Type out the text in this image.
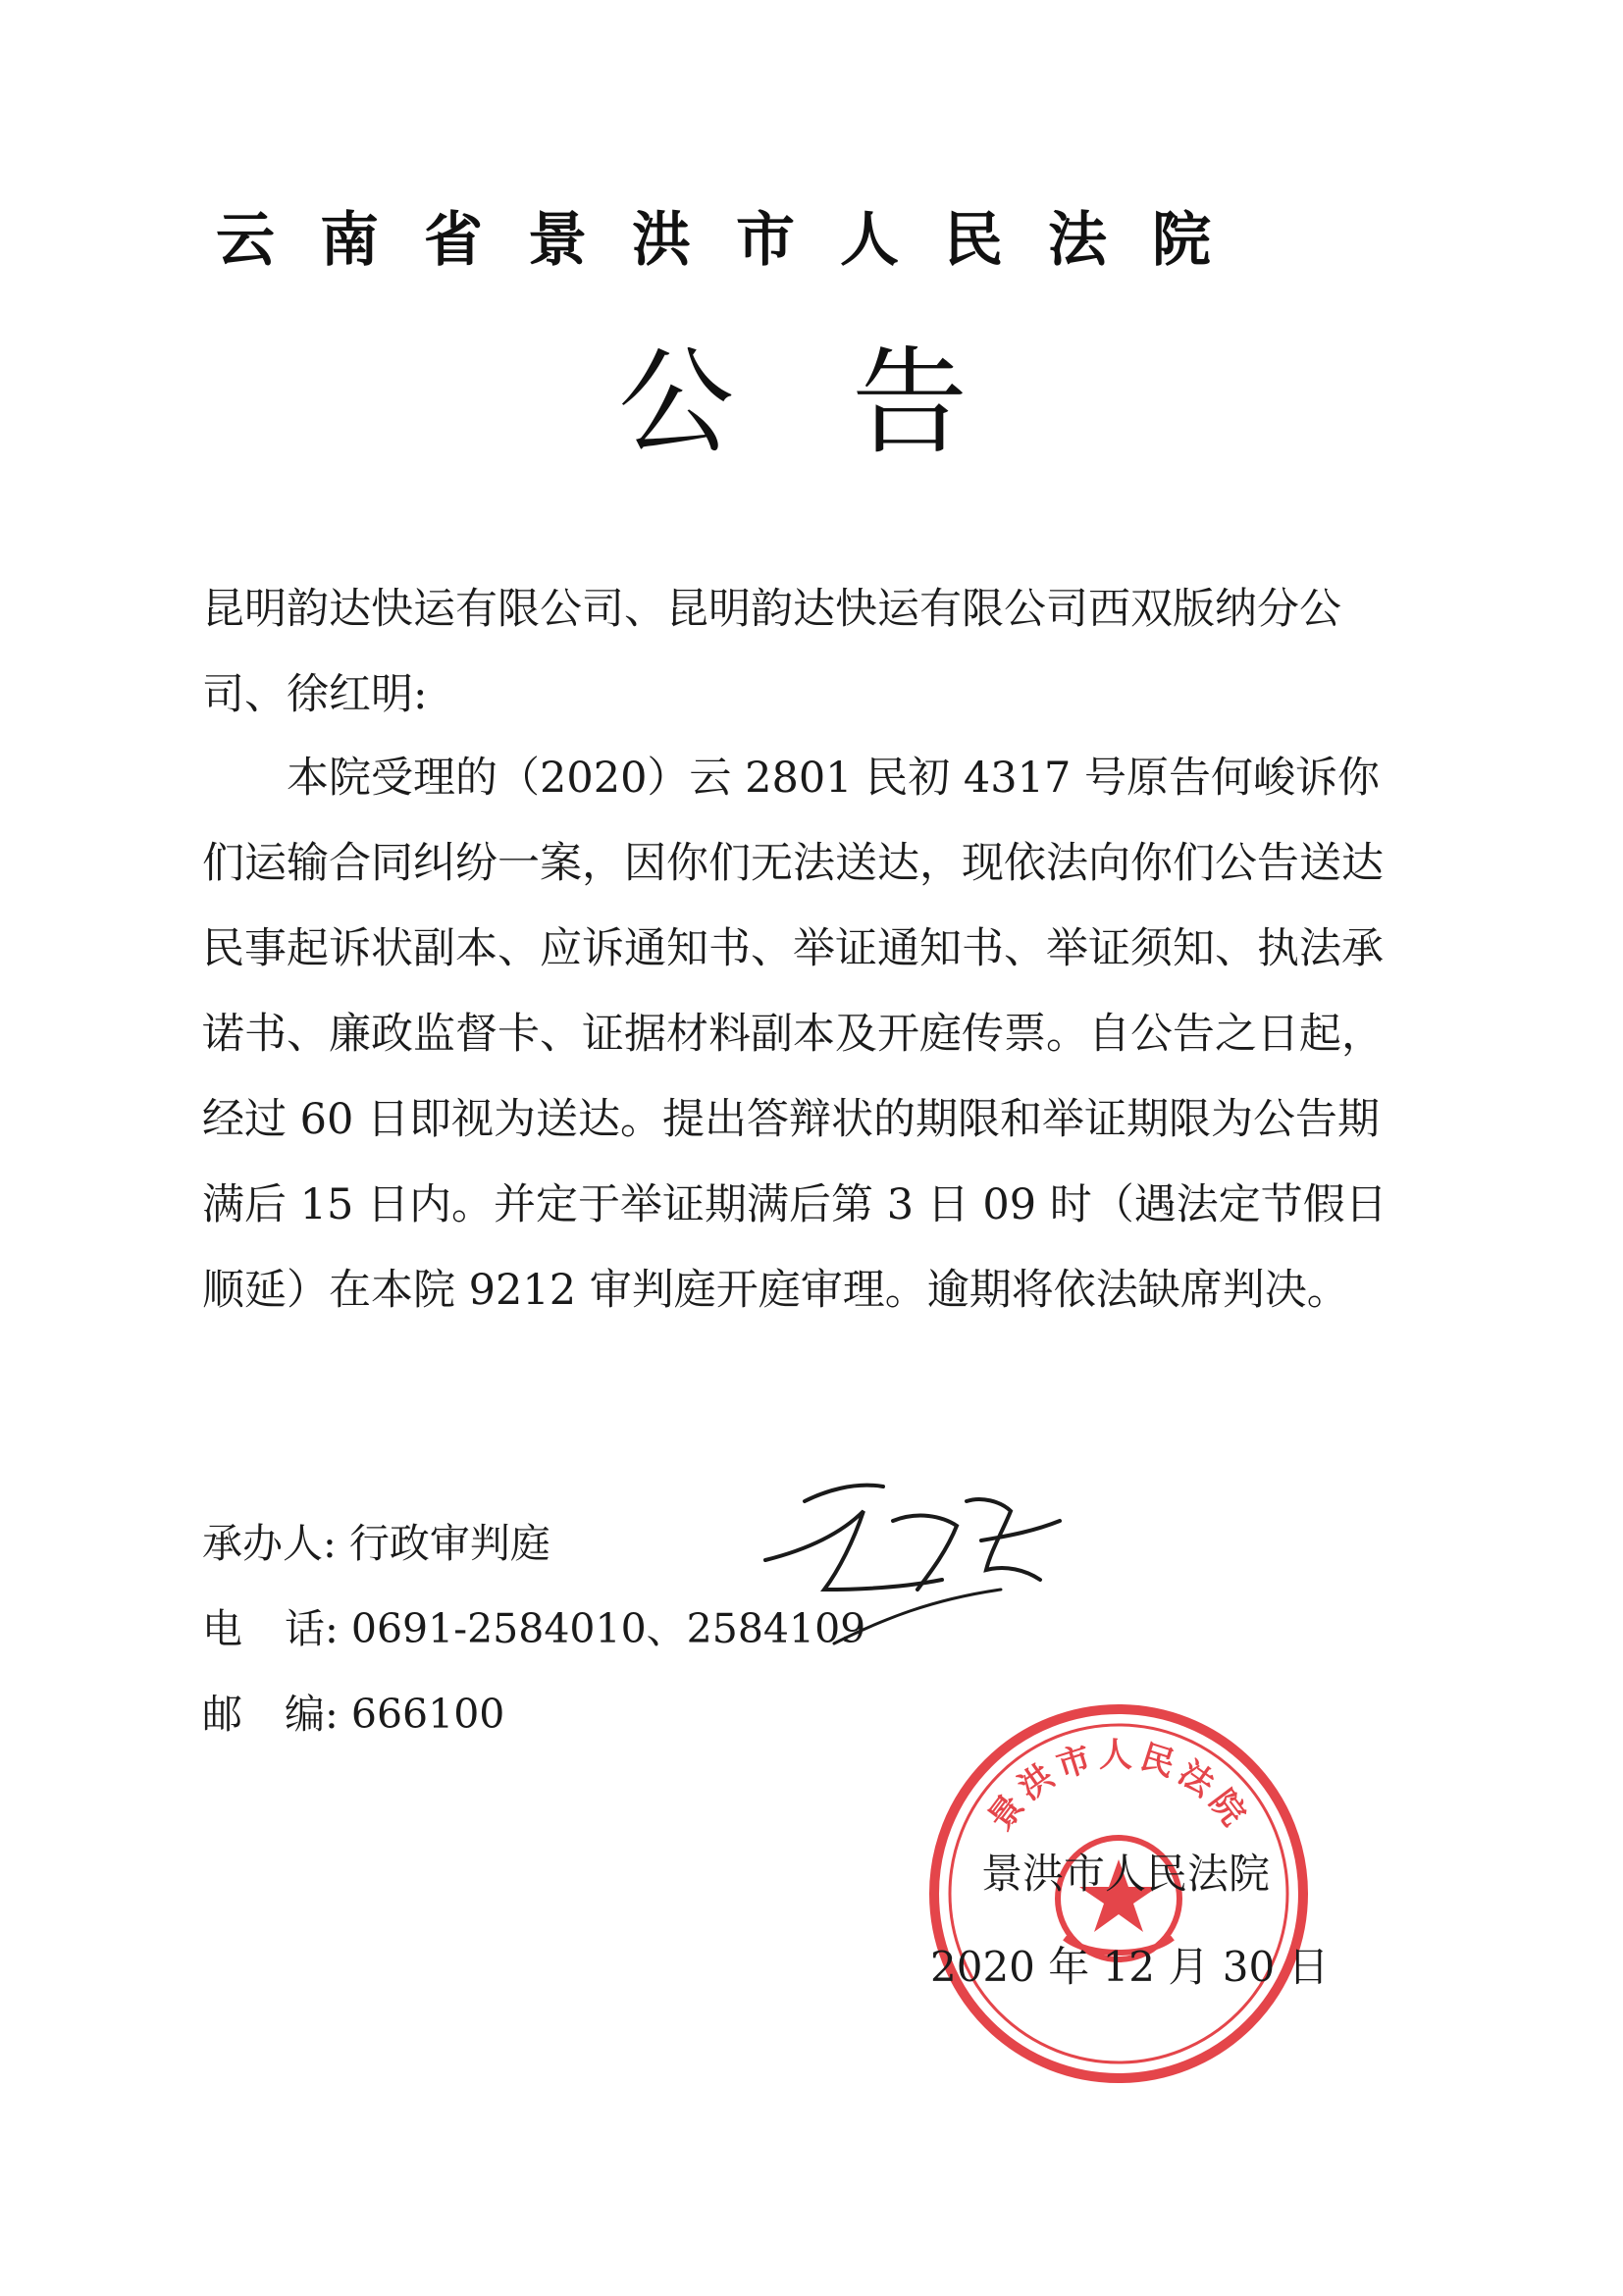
云南省景洪市人民法院
公告

昆明韵达快运有限公司、昆明韵达快运有限公司西双版纳分公司、徐红明:

本院受理的（2020）云 2801 民初 4317 号原告何峻诉你们运输合同纠纷一案，因你们无法送达，现依法向你们公告送达民事起诉状副本、应诉通知书、举证通知书、举证须知、执法承诺书、廉政监督卡、证据材料副本及开庭传票。自公告之日起，经过 60 日即视为送达。提出答辩状的期限和举证期限为公告期满后 15 日内。并定于举证期满后第 3 日 09 时（遇法定节假日顺延）在本院 9212 审判庭开庭审理。逾期将依法缺席判决。

承办人: 行政审判庭
电话: 0691-2584010、2584109
邮编: 666100
景洪市人民法院
景洪市人民法院
2020 年 12 月 30 日
